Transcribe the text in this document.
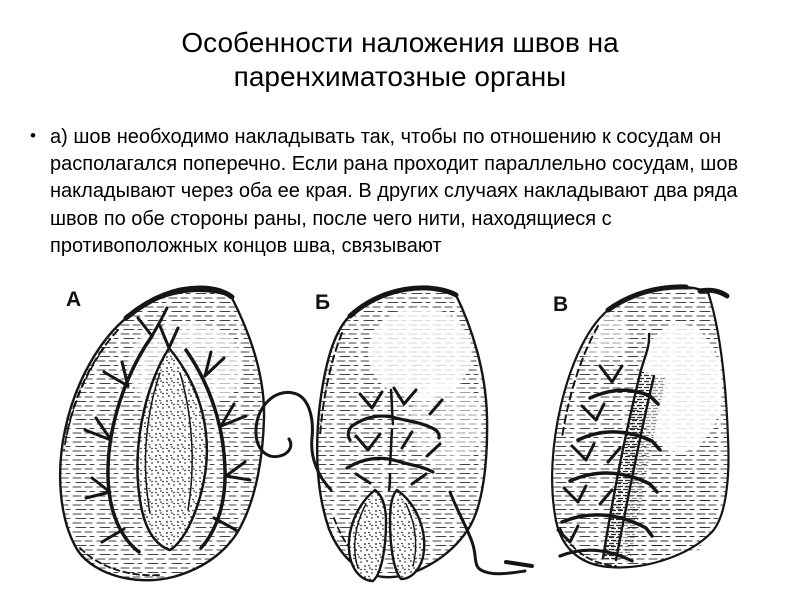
Особенности наложения швов на паренхиматозные органы
• а) шов необходимо накладывать так, чтобы по отношению к сосудам он располагался поперечно. Если рана проходит параллельно сосудам, шов накладывают через оба ее края. В других случаях накладывают два ряда швов по обе стороны раны, после чего нити, находящиеся с противоположных концов шва, связывают
А	Б	В
